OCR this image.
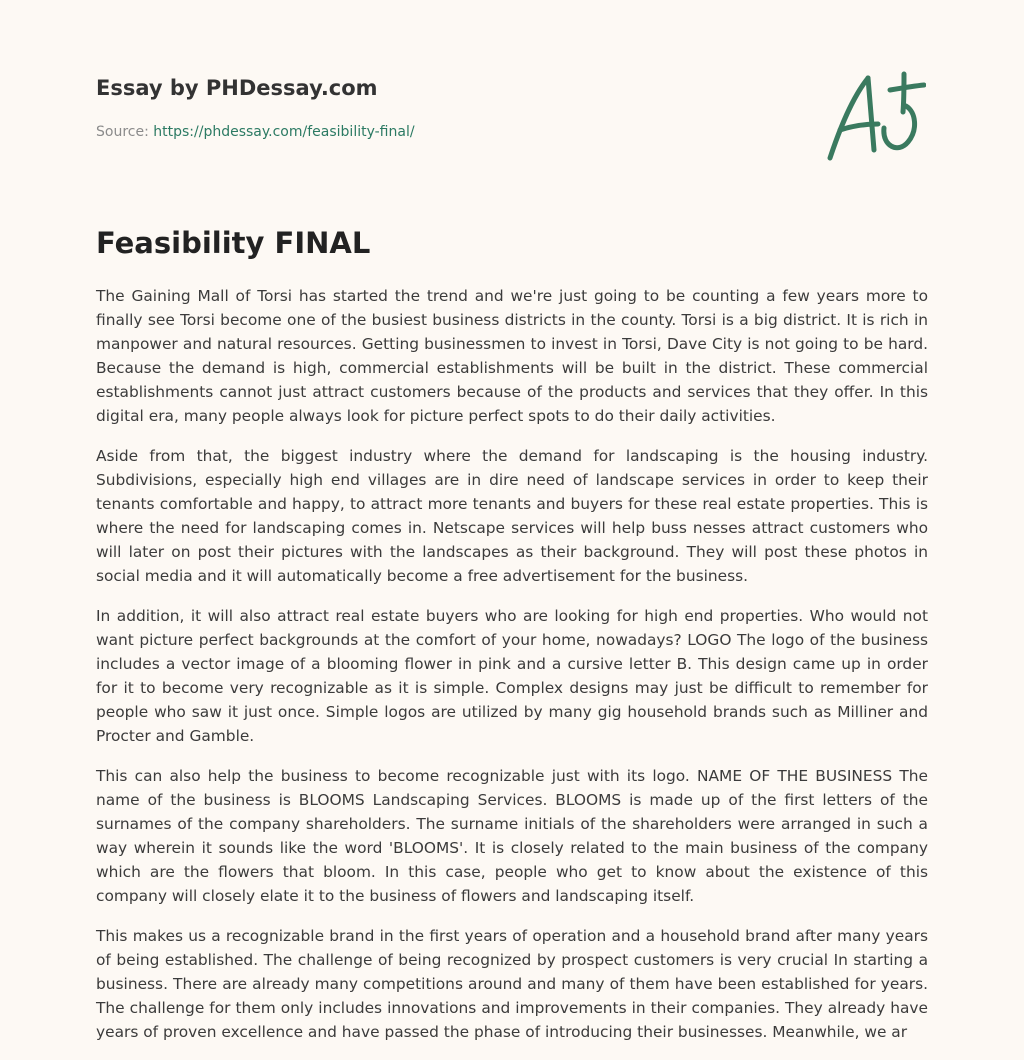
Essay by PHDessay.com
Source: https://phdessay.com/feasibility-final/
Feasibility FINAL

The Gaining Mall of Torsi has started the trend and we're just going to be counting a few years more to finally see Torsi become one of the busiest business districts in the county. Torsi is a big district. It is rich in manpower and natural resources. Getting businessmen to invest in Torsi, Dave City is not going to be hard. Because the demand is high, commercial establishments will be built in the district. These commercial establishments cannot just attract customers because of the products and services that they offer. In this digital era, many people always look for picture perfect spots to do their daily activities.

Aside from that, the biggest industry where the demand for landscaping is the housing industry. Subdivisions, especially high end villages are in dire need of landscape services in order to keep their tenants comfortable and happy, to attract more tenants and buyers for these real estate properties. This is where the need for landscaping comes in. Netscape services will help buss nesses attract customers who will later on post their pictures with the landscapes as their background. They will post these photos in social media and it will automatically become a free advertisement for the business.

In addition, it will also attract real estate buyers who are looking for high end properties. Who would not want picture perfect backgrounds at the comfort of your home, nowadays? LOGO The logo of the business includes a vector image of a blooming flower in pink and a cursive letter B. This design came up in order for it to become very recognizable as it is simple. Complex designs may just be difficult to remember for people who saw it just once. Simple logos are utilized by many gig household brands such as Milliner and Procter and Gamble.

This can also help the business to become recognizable just with its logo. NAME OF THE BUSINESS The name of the business is BLOOMS Landscaping Services. BLOOMS is made up of the first letters of the surnames of the company shareholders. The surname initials of the shareholders were arranged in such a way wherein it sounds like the word 'BLOOMS'. It is closely related to the main business of the company which are the flowers that bloom. In this case, people who get to know about the existence of this company will closely elate it to the business of flowers and landscaping itself.

This makes us a recognizable brand in the first years of operation and a household brand after many years of being established. The challenge of being recognized by prospect customers is very crucial In starting a business. There are already many competitions around and many of them have been established for years. The challenge for them only includes innovations and improvements in their companies. They already have years of proven excellence and have passed the phase of introducing their businesses. Meanwhile, we ar
